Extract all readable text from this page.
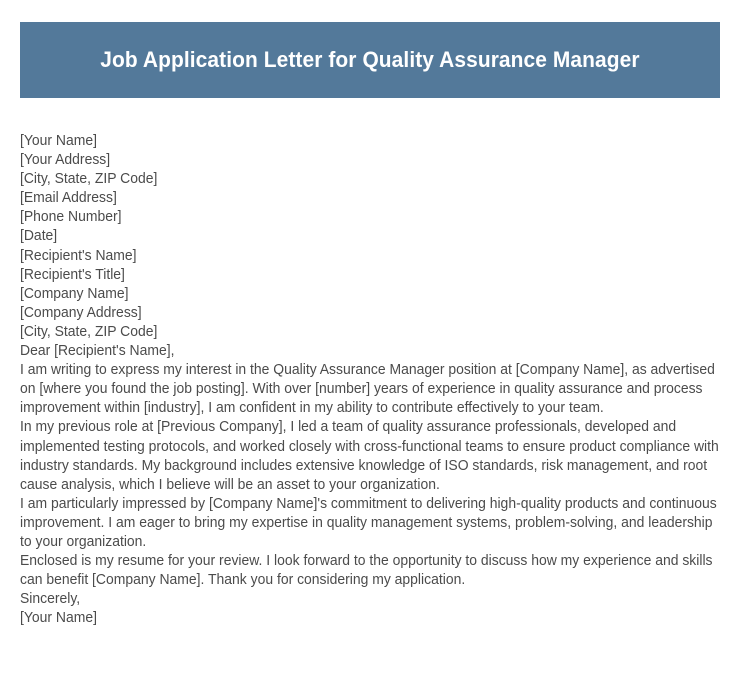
Job Application Letter for Quality Assurance Manager
[Your Name]
[Your Address]
[City, State, ZIP Code]
[Email Address]
[Phone Number]
[Date]
[Recipient's Name]
[Recipient's Title]
[Company Name]
[Company Address]
[City, State, ZIP Code]
Dear [Recipient's Name],
I am writing to express my interest in the Quality Assurance Manager position at [Company Name], as advertised on [where you found the job posting]. With over [number] years of experience in quality assurance and process improvement within [industry], I am confident in my ability to contribute effectively to your team.
In my previous role at [Previous Company], I led a team of quality assurance professionals, developed and implemented testing protocols, and worked closely with cross-functional teams to ensure product compliance with industry standards. My background includes extensive knowledge of ISO standards, risk management, and root cause analysis, which I believe will be an asset to your organization.
I am particularly impressed by [Company Name]'s commitment to delivering high-quality products and continuous improvement. I am eager to bring my expertise in quality management systems, problem-solving, and leadership to your organization.
Enclosed is my resume for your review. I look forward to the opportunity to discuss how my experience and skills can benefit [Company Name]. Thank you for considering my application.
Sincerely,
[Your Name]
